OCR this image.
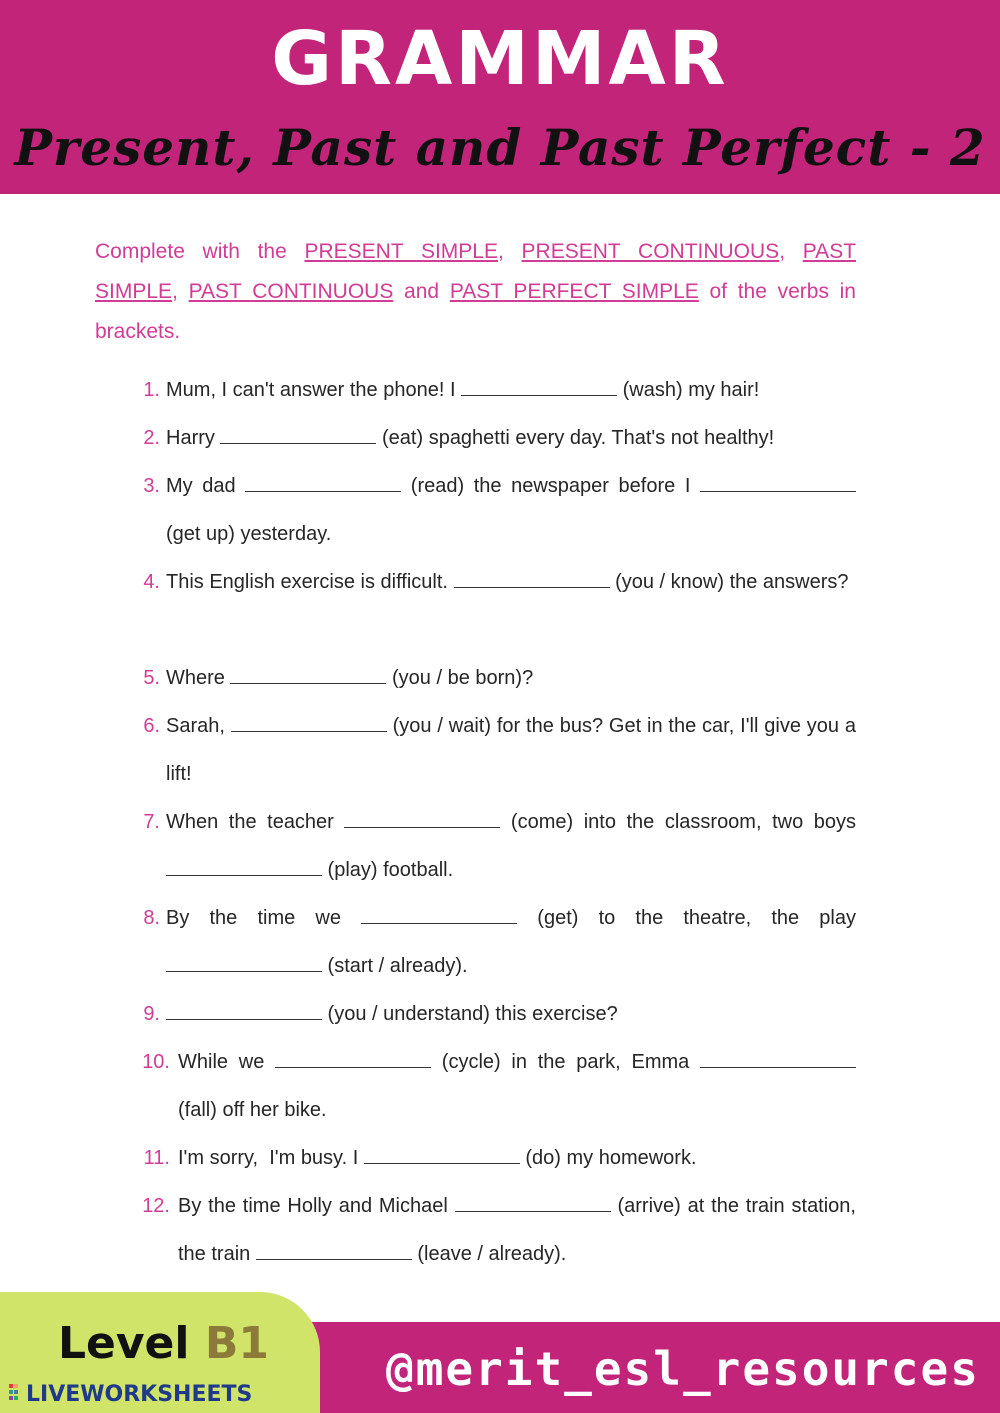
GRAMMAR
Present, Past and Past Perfect - 2
Complete with the PRESENT SIMPLE, PRESENT CONTINUOUS, PAST SIMPLE, PAST CONTINUOUS and PAST PERFECT SIMPLE of the verbs in brackets.
1. Mum, I can't answer the phone! I	(wash) my hair!
2. Harry	(eat) spaghetti every day. That's not healthy!
3. My dad	(read) the newspaper before I  (get up) yesterday.
4. This English exercise is difficult.	(you / know) the answers?
5. Where	(you / be born)?
6. Sarah,	(you / wait) for the bus? Get in the car, I'll give you a lift!
7. When the teacher	(come) into the classroom, two boys  (play) football.
8. By the time we	(get) to the theatre, the play  (start / already).
9.	(you / understand) this exercise?
10. While we	(cycle) in the park, Emma  (fall) off her bike.
11. I'm sorry,  I'm busy. I	(do) my homework.
12. By the time Holly and Michael	(arrive) at the train station, the train	(leave / already).
@merit_esl_resources
Level B1
LIVEWORKSHEETS
